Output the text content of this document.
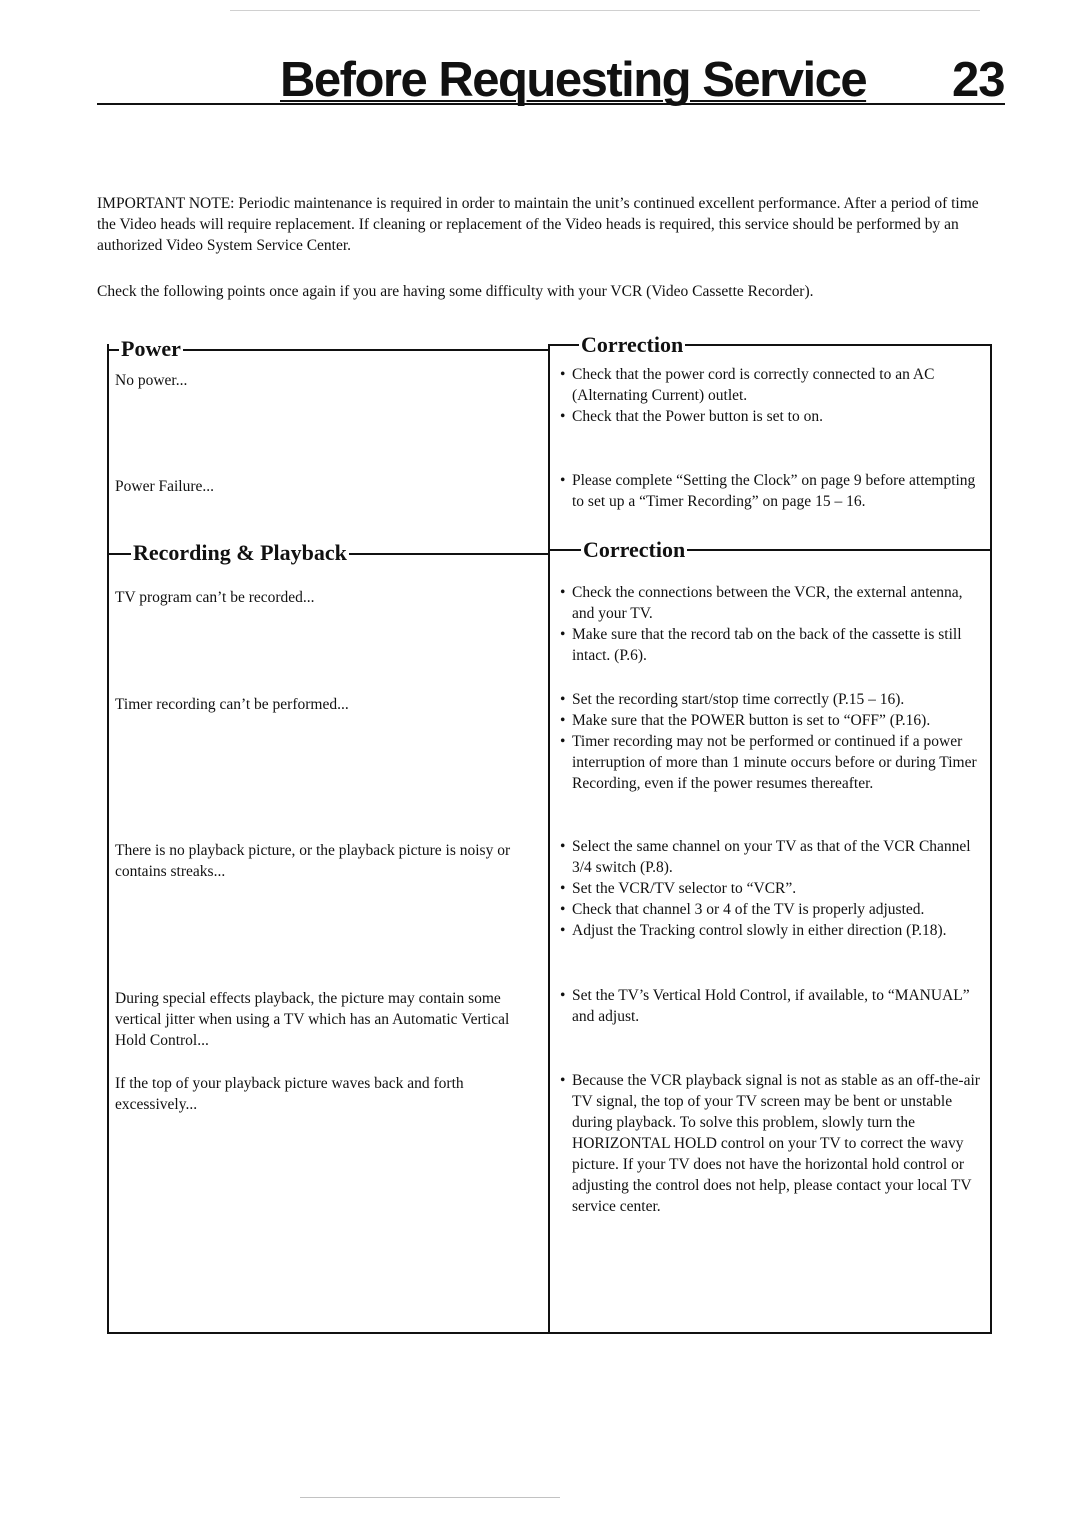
Before Requesting Service 23
IMPORTANT NOTE: Periodic maintenance is required in order to maintain the unit’s continued excellent performance. After a period of time the Video heads will require replacement. If cleaning or replacement of the Video heads is required, this service should be performed by an authorized Video System Service Center.
Check the following points once again if you are having some difficulty with your VCR (Video Cassette Recorder).
Power	Correction
No power...	• Check that the power cord is correctly connected to an AC (Alternating Current) outlet.
• Check that the Power button is set to on.
Power Failure...	• Please complete “Setting the Clock” on page 9 before attempting to set up a “Timer Recording” on page 15 – 16.
Recording & Playback	Correction
TV program can’t be recorded...	• Check the connections between the VCR, the external antenna, and your TV.
• Make sure that the record tab on the back of the cassette is still intact. (P.6).
Timer recording can’t be performed...	• Set the recording start/stop time correctly (P.15 – 16).
• Make sure that the POWER button is set to “OFF” (P.16).
• Timer recording may not be performed or continued if a power interruption of more than 1 minute occurs before or during Timer Recording, even if the power resumes thereafter.
There is no playback picture, or the playback picture is noisy or contains streaks...
• Select the same channel on your TV as that of the VCR Channel 3/4 switch (P.8).
• Set the VCR/TV selector to “VCR”.
• Check that channel 3 or 4 of the TV is properly adjusted.
• Adjust the Tracking control slowly in either direction (P.18).
During special effects playback, the picture may contain some vertical jitter when using a TV which has an Automatic Vertical Hold Control...
• Set the TV’s Vertical Hold Control, if available, to “MANUAL” and adjust.
If the top of your playback picture waves back and forth excessively...
• Because the VCR playback signal is not as stable as an off-the-air TV signal, the top of your TV screen may be bent or unstable during playback. To solve this problem, slowly turn the HORIZONTAL HOLD control on your TV to correct the wavy picture. If your TV does not have the horizontal hold control or adjusting the control does not help, please contact your local TV service center.
